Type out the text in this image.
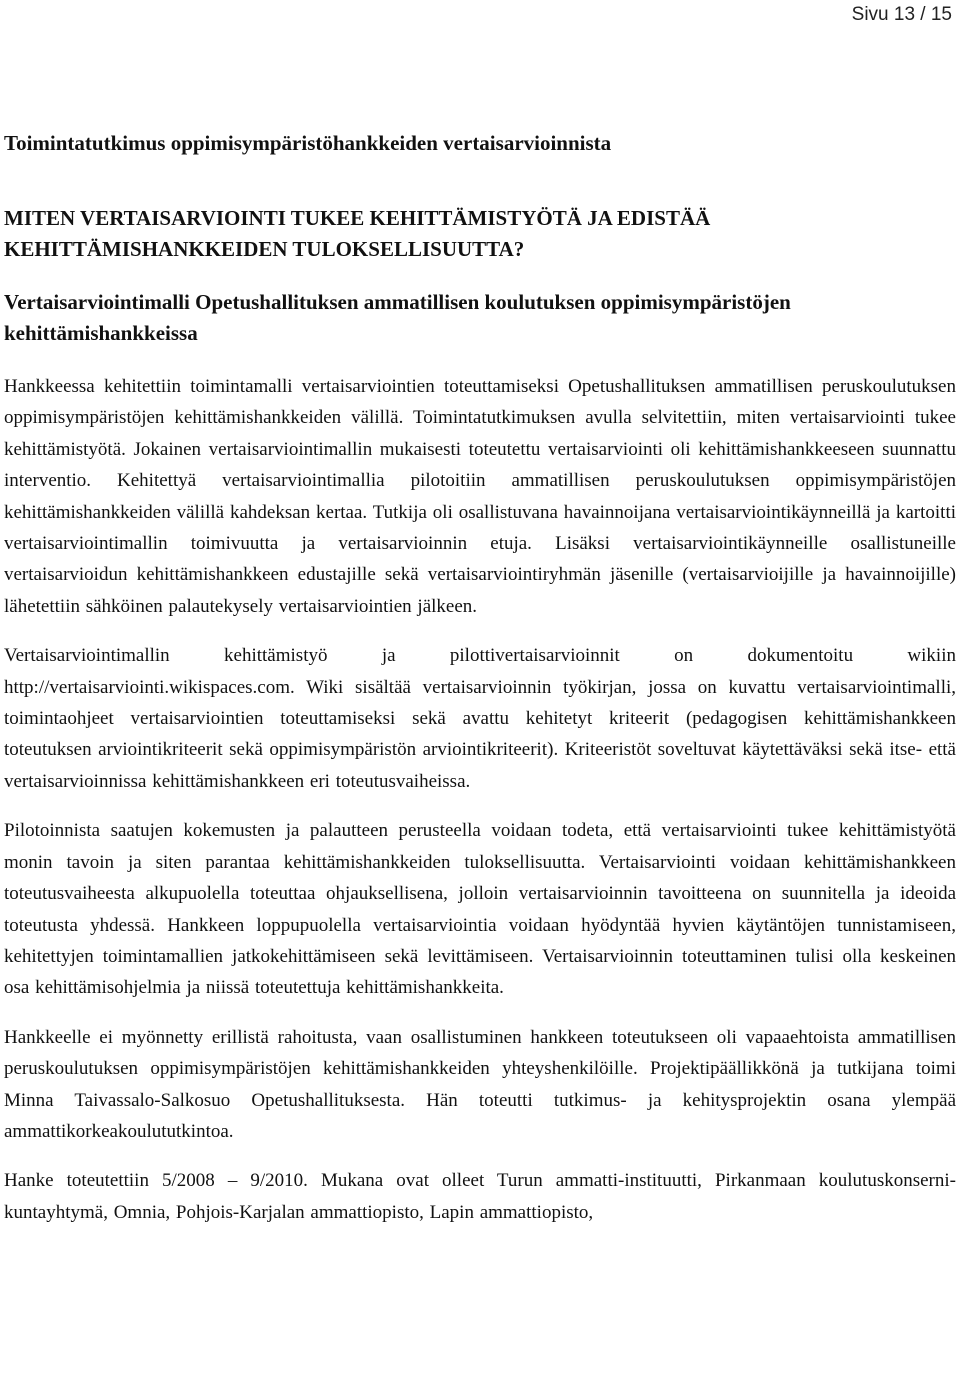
Sivu 13 / 15
Toimintatutkimus oppimisympäristöhankkeiden vertaisarvioinnista
MITEN VERTAISARVIOINTI TUKEE KEHITTÄMISTYÖTÄ JA EDISTÄÄ KEHITTÄMISHANKKEIDEN TULOKSELLISUUTTA?
Vertaisarviointimalli Opetushallituksen ammatillisen koulutuksen oppimisympäristöjen kehittämishankkeissa

Hankkeessa kehitettiin toimintamalli vertaisarviointien toteuttamiseksi Opetushallituksen ammatillisen peruskoulutuksen oppimisympäristöjen kehittämishankkeiden välillä. Toimintatutkimuksen avulla selvitettiin, miten vertaisarviointi tukee kehittämistyötä. Jokainen vertaisarviointimallin mukaisesti toteutettu vertaisarviointi oli kehittämishankkeeseen suunnattu interventio. Kehitettyä vertaisarviointimallia pilotoitiin ammatillisen peruskoulutuksen oppimisympäristöjen kehittämishankkeiden välillä kahdeksan kertaa. Tutkija oli osallistuvana havainnoijana vertaisarviointikäynneillä ja kartoitti vertaisarviointimallin toimivuutta ja vertaisarvioinnin etuja. Lisäksi vertaisarviointikäynneille osallistuneille vertaisarvioidun kehittämishankkeen edustajille sekä vertaisarviointiryhmän jäsenille (vertaisarvioijille ja havainnoijille) lähetettiin sähköinen palautekysely vertaisarviointien jälkeen.

Vertaisarviointimallin kehittämistyö ja pilottivertaisarvioinnit on dokumentoitu wikiin http://vertaisarviointi.wikispaces.com. Wiki sisältää vertaisarvioinnin työkirjan, jossa on kuvattu vertaisarviointimalli, toimintaohjeet vertaisarviointien toteuttamiseksi sekä avattu kehitetyt kriteerit (pedagogisen kehittämishankkeen toteutuksen arviointikriteerit sekä oppimisympäristön arviointikriteerit). Kriteeristöt soveltuvat käytettäväksi sekä itse- että vertaisarvioinnissa kehittämishankkeen eri toteutusvaiheissa.

Pilotoinnista saatujen kokemusten ja palautteen perusteella voidaan todeta, että vertaisarviointi tukee kehittämistyötä monin tavoin ja siten parantaa kehittämishankkeiden tuloksellisuutta. Vertaisarviointi voidaan kehittämishankkeen toteutusvaiheesta alkupuolella toteuttaa ohjauksellisena, jolloin vertaisarvioinnin tavoitteena on suunnitella ja ideoida toteutusta yhdessä. Hankkeen loppupuolella vertaisarviointia voidaan hyödyntää hyvien käytäntöjen tunnistamiseen, kehitettyjen toimintamallien jatkokehittämiseen sekä levittämiseen. Vertaisarvioinnin toteuttaminen tulisi olla keskeinen osa kehittämisohjelmia ja niissä toteutettuja kehittämishankkeita.

Hankkeelle ei myönnetty erillistä rahoitusta, vaan osallistuminen hankkeen toteutukseen oli vapaaehtoista ammatillisen peruskoulutuksen oppimisympäristöjen kehittämishankkeiden yhteyshenkilöille. Projektipäällikkönä ja tutkijana toimi Minna Taivassalo-Salkosuo Opetushallituksesta. Hän toteutti tutkimus- ja kehitysprojektin osana ylempää ammattikorkeakoulututkintoa.

Hanke toteutettiin 5/2008 – 9/2010. Mukana ovat olleet Turun ammatti-instituutti, Pirkanmaan koulutuskonserni-kuntayhtymä, Omnia, Pohjois-Karjalan ammattiopisto, Lapin ammattiopisto,
